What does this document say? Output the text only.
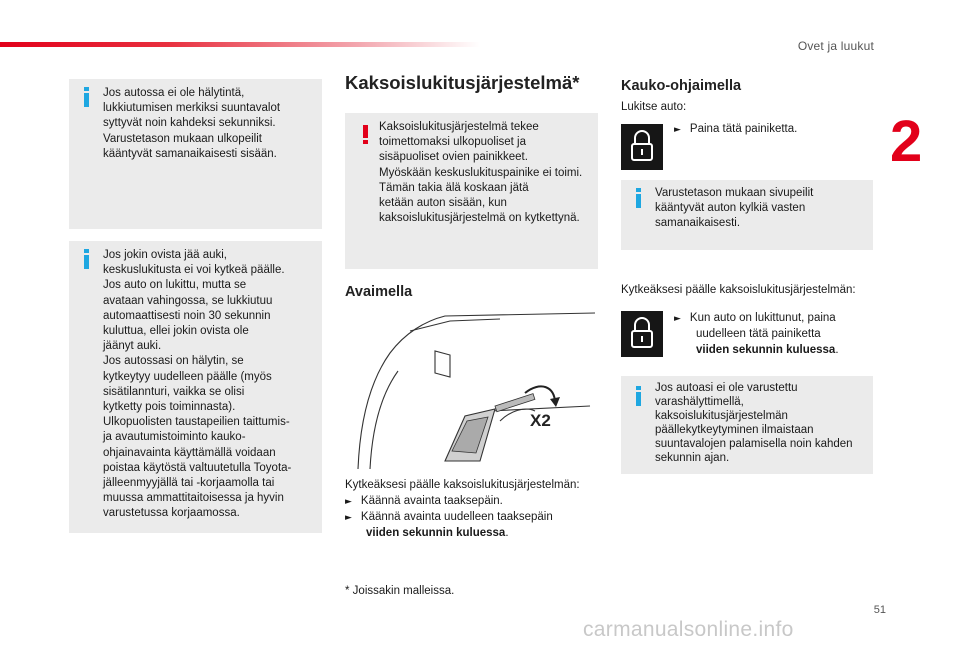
Ovet ja luukut
2
51
Jos autossa ei ole hälytintä,
lukkiutumisen merkiksi suuntavalot
syttyvät noin kahdeksi sekunniksi.
Varustetason mukaan ulkopeilit
kääntyvät samanaikaisesti sisään.
Jos jokin ovista jää auki,
keskuslukitusta ei voi kytkeä päälle.
Jos auto on lukittu, mutta se
avataan vahingossa, se lukkiutuu
automaattisesti noin 30 sekunnin
kuluttua, ellei jokin ovista ole
jäänyt auki.
Jos autossasi on hälytin, se
kytkeytyy uudelleen päälle (myös
sisätilannturi, vaikka se olisi
kytketty pois toiminnasta).
Ulkopuolisten taustapeilien taittumis-
ja avautumistoiminto kauko-
ohjainavainta käyttämällä voidaan
poistaa käytöstä valtuutetulla Toyota-
jälleenmyyjällä tai -korjaamolla tai
muussa ammattitaitoisessa ja hyvin
varustetussa korjaamossa.
Kaksoislukitusjärjestelmä*
Kaksoislukitusjärjestelmä tekee
toimettomaksi ulkopuoliset ja
sisäpuoliset ovien painikkeet.
Myöskään keskuslukituspainike ei toimi.
Tämän takia älä koskaan jätä
ketään auton sisään, kun
kaksoislukitusjärjestelmä on kytkettynä.
Avaimella
X2
Kytkeäksesi päälle kaksoislukitusjärjestelmän:
► Käännä avainta taaksepäin.
► Käännä avainta uudelleen taaksepäin
viiden sekunnin kuluessa.
* Joissakin malleissa.
Kauko-ohjaimella
Lukitse auto:
► Paina tätä painiketta.
Varustetason mukaan sivupeilit
kääntyvät auton kylkiä vasten
samanaikaisesti.
Kytkeäksesi päälle kaksoislukitusjärjestelmän:
► Kun auto on lukittunut, paina
uudelleen tätä painiketta
viiden sekunnin kuluessa.
Jos autoasi ei ole varustettu
varashälyttimellä,
kaksoislukitusjärjestelmän
päällekytkeytyminen ilmaistaan
suuntavalojen palamisella noin kahden
sekunnin ajan.
carmanualsonline.info
